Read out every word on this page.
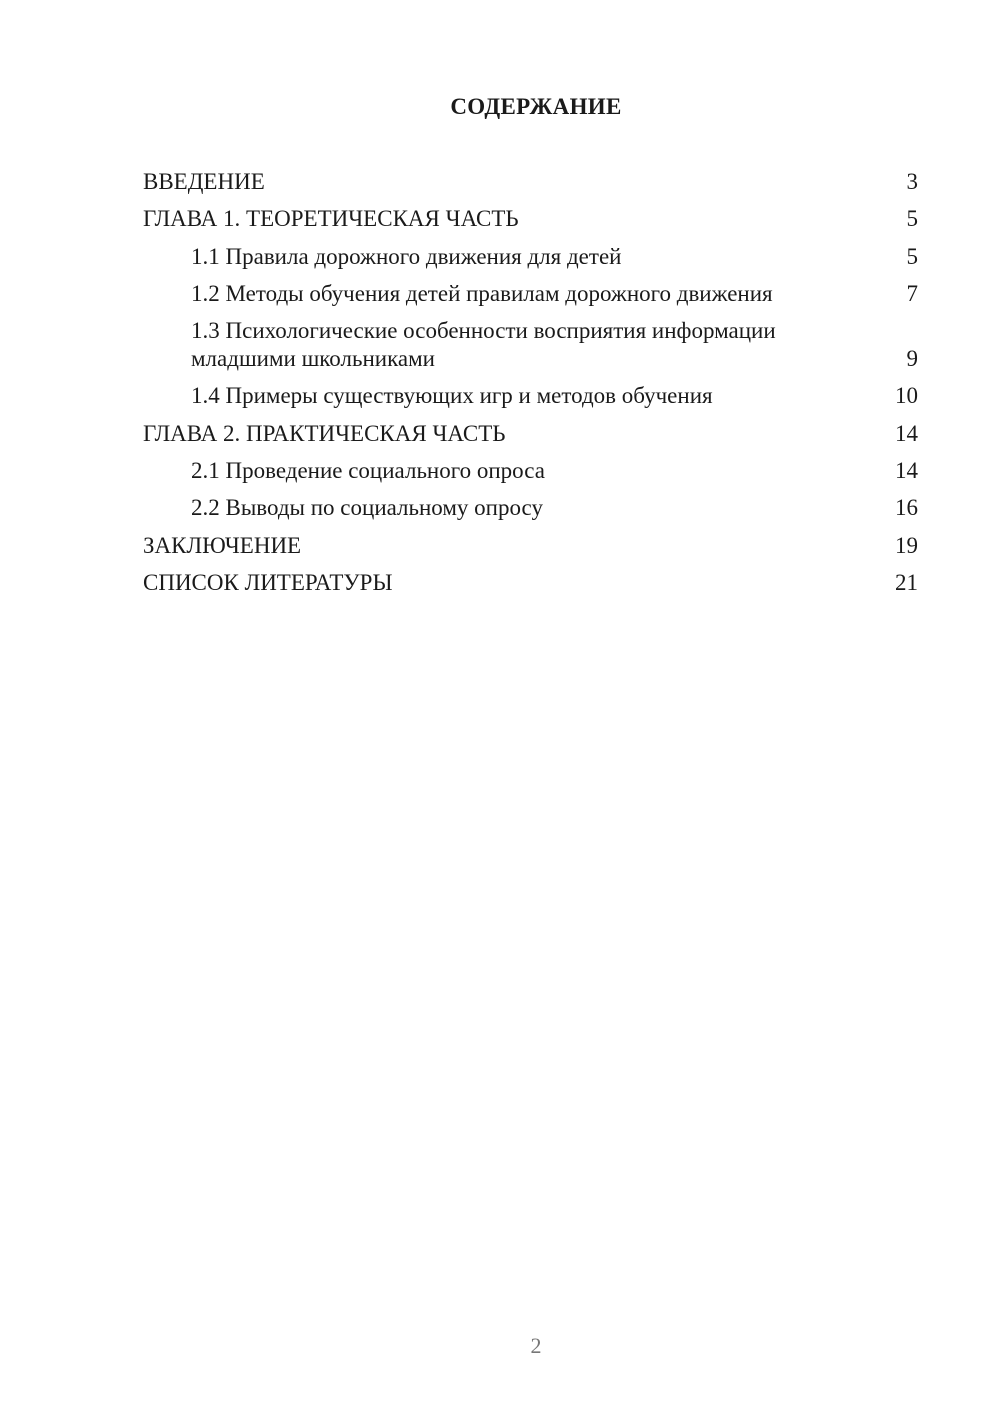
СОДЕРЖАНИЕ
ВВЕДЕНИЕ	3
ГЛАВА 1. ТЕОРЕТИЧЕСКАЯ ЧАСТЬ	5
1.1 Правила дорожного движения для детей	5
1.2 Методы обучения детей правилам дорожного движения	7
1.3 Психологические особенности восприятия информации младшими школьниками	9
1.4 Примеры существующих игр и методов обучения	10
ГЛАВА 2. ПРАКТИЧЕСКАЯ ЧАСТЬ	14
2.1 Проведение социального опроса	14
2.2 Выводы по социальному опросу	16
ЗАКЛЮЧЕНИЕ	19
СПИСОК ЛИТЕРАТУРЫ	21
2
